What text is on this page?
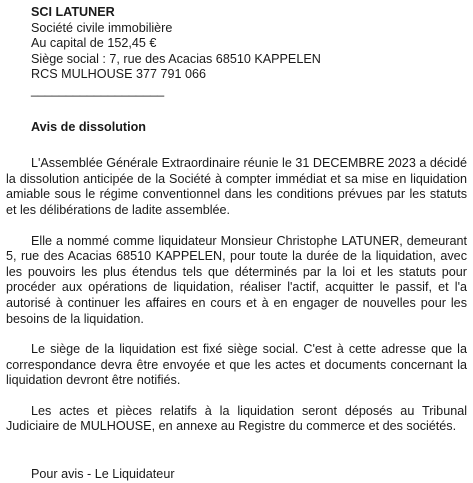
SCI LATUNER
Société civile immobilière
Au capital de 152,45 €
Siège social : 7, rue des Acacias 68510 KAPPELEN
RCS MULHOUSE 377 791 066
___________________
Avis de dissolution

L'Assemblée Générale Extraordinaire réunie le 31 DECEMBRE 2023 a décidé la dissolution anticipée de la Société à compter immédiat et sa mise en liquidation amiable sous le régime conventionnel dans les conditions prévues par les statuts et les délibérations de ladite assemblée.

Elle a nommé comme liquidateur Monsieur Christophe LATUNER, demeurant 5, rue des Acacias 68510 KAPPELEN, pour toute la durée de la liquidation, avec les pouvoirs les plus étendus tels que déterminés par la loi et les statuts pour procéder aux opérations de liquidation, réaliser l'actif, acquitter le passif, et l'a autorisé à continuer les affaires en cours et à en engager de nouvelles pour les besoins de la liquidation.

Le siège de la liquidation est fixé siège social. C'est à cette adresse que la correspondance devra être envoyée et que les actes et documents concernant la liquidation devront être notifiés.

Les actes et pièces relatifs à la liquidation seront déposés au Tribunal Judiciaire de MULHOUSE, en annexe au Registre du commerce et des sociétés.

Pour avis - Le Liquidateur
